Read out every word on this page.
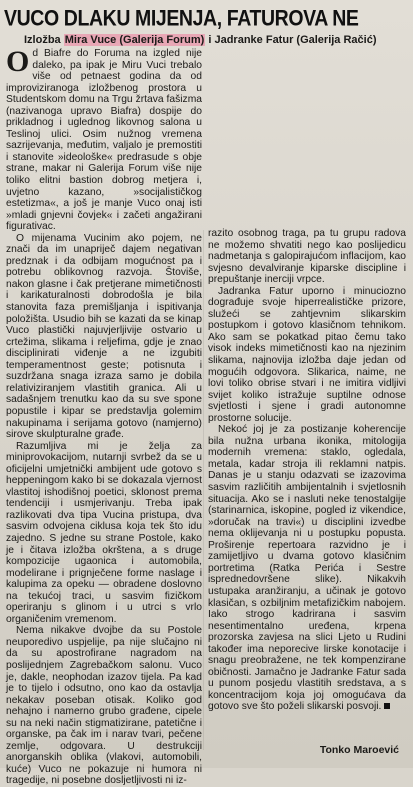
VUCO DLAKU MIJENJA, FATUROVA NE
Izložba Mira Vuce (Galerija Forum) i Jadranke Fatur (Galerija Račić)

Od Biafre do Foruma na izgled nije daleko, pa ipak je Miru Vuci trebalo više od petnaest godina da od improviziranoga izložbenog prostora u Studentskom domu na Trgu žrtava fašizma (nazivanoga upravo Biafra) dospije do prikladnog i uglednog likovnog salona u Teslinoj ulici. Osim nužnog vremena sazrijevanja, međutim, valjalo je premostiti i stanovite »ideološke« predrasude s obje strane, makar ni Galerija Forum više nije toliko elitni bastion dobrog metjera i, uvjetno kazano, »socijalističkog estetizma«, a još je manje Vuco onaj isti »mladi gnjevni čovjek« i začeti angažirani figurativac.

O mijenama Vucinim ako pojem, ne znači da im unapriječ dajem negativan predznak i da odbijam mogućnost pa i potrebu oblikovnog razvoja. Štoviše, nakon glasne i čak pretjerane mimetičnosti i karikaturalnosti dobrodošla je bila stanovita faza premišljanja i ispitivanja položišta. Usudio bih se kazati da se kiпар Vuco plastički najuvjerljivije ostvario u crtežima, slikama i reljefima, gdje je znao disciplinirati viđenje a ne izgubiti temperamentnost geste; potisnuta i suzdržana snaga izraza samo je dobila relativiziranjem vlastitih granica. Ali u sadašnjem trenutku kao da su sve spone popustile i kipar se predstavlja golemim nakupinama i serijama gotovo (namjerno) sirove skulpturalne građe.

Razumljiva mi je želja za miniprovokacijom, nutarnji svrbež da se u oficijelni umjetnički ambijent ude gotovo s heppeningom kako bi se dokazala vjernost vlastitoj ishodišnoj poetici, sklonost prema tendenciji i usmjerivanju. Treba ipak razlikovati dva tipa Vucina pristupa, dva sasvim odvojena ciklusa koja tek što idu zajedno. S jedne su strane Postole, kako je i čitava izložba okrštena, a s druge kompozicije ugaonica i automobila, modelirane i prignječene forme naslage i kalupima za opeku — obradene doslovno na tekućoj traci, u sasvim fizičkom operiranju s glinom i u utrci s vrlo organičenim vremenom.

Nema nikakve dvojbe da su Postole neuporedivo uspjelije, pa nije slučajno ni da su apostrofirane nagradom na poslijednjem Zagrebačkom salonu. Vuco je, dakle, neophodan izazov tijela. Pa kad je to tijelo i odsutno, ono kao da ostavlja nekakav poseban otisak. Koliko god nehajno i namerno grubo građene, cipele su na neki način stigmatizirane, patetične i organske, pa čak im i narav tvari, pečene zemlje, odgovara. U destrukciji anorganskih oblika (vlakovi, automobili, kuće) Vuco ne pokazuje ni humora ni tragedije, ni posebne dosljetljivosti ni iz-

razito osobnog traga, pa tu grupu radova ne možemo shvatiti nego kao poslijedicu nadmetanja s galopirajućom inflacijom, kao svjesno devalviranje kiparske discipline i prepuštanje inerciji vrpce.

Jadranka Fatur uporno i minuciozno dograđuje svoje hiperrealističke prizore, služeći se zahtjevnim slikarskim postupkom i gotovo klasičnom tehnikom. Ako sam se pokatkad pitao čemu tako visok indeks mimetičnosti kao na njezinim slikama, najnovija izložba daje jedan od mogućih odgovora. Slikarica, naime, ne lovi toliko obrise stvari i ne imitira vidljivi svijet koliko istražuje suptilne odnose svjetlosti i sjene i gradi autonomne prostorne solucije.

Nekoć joj je za postizanje koherencije bila nužna urbana ikonika, mitologija modernih vremena: staklo, ogledala, metala, kadar stroja ili reklamni natpis. Danas je u stanju odazvati se izazovima sasvim različitih ambijentalnih i svjetlosnih situacija. Ako se i nasluti neke tenostalgije (starinarnica, iskopine, pogled iz vikendice, »doručak na travi«) u disciplini izvedbe nema oklijevanja ni u postupku popusta. Proširenje repertoara razvidno je i zamijetljivo u dvama gotovo klasičnim portretima (Ratka Perića i Sestre isprednedovršene slike). Nikakvih ustupaka aranžiranju, a učinak je gotovo klasičan, s ozbiljnim metafizičkim nabojem. Iako strogo kadrirana i sasvim nesentimentalno uređena, krpena prozorska zavjesa na slici Ljeto u Rudini također ima neporecive lirske konotacije i snagu preobražene, ne tek kompenzirane običnosti. Jamačno je Jadranke Fatur sada u punom posjedu vlastitih sredstava, a s koncentracijom koja joj omogućava da gotovo sve što poželi slikarski posvoji.

Tonko Maroević
